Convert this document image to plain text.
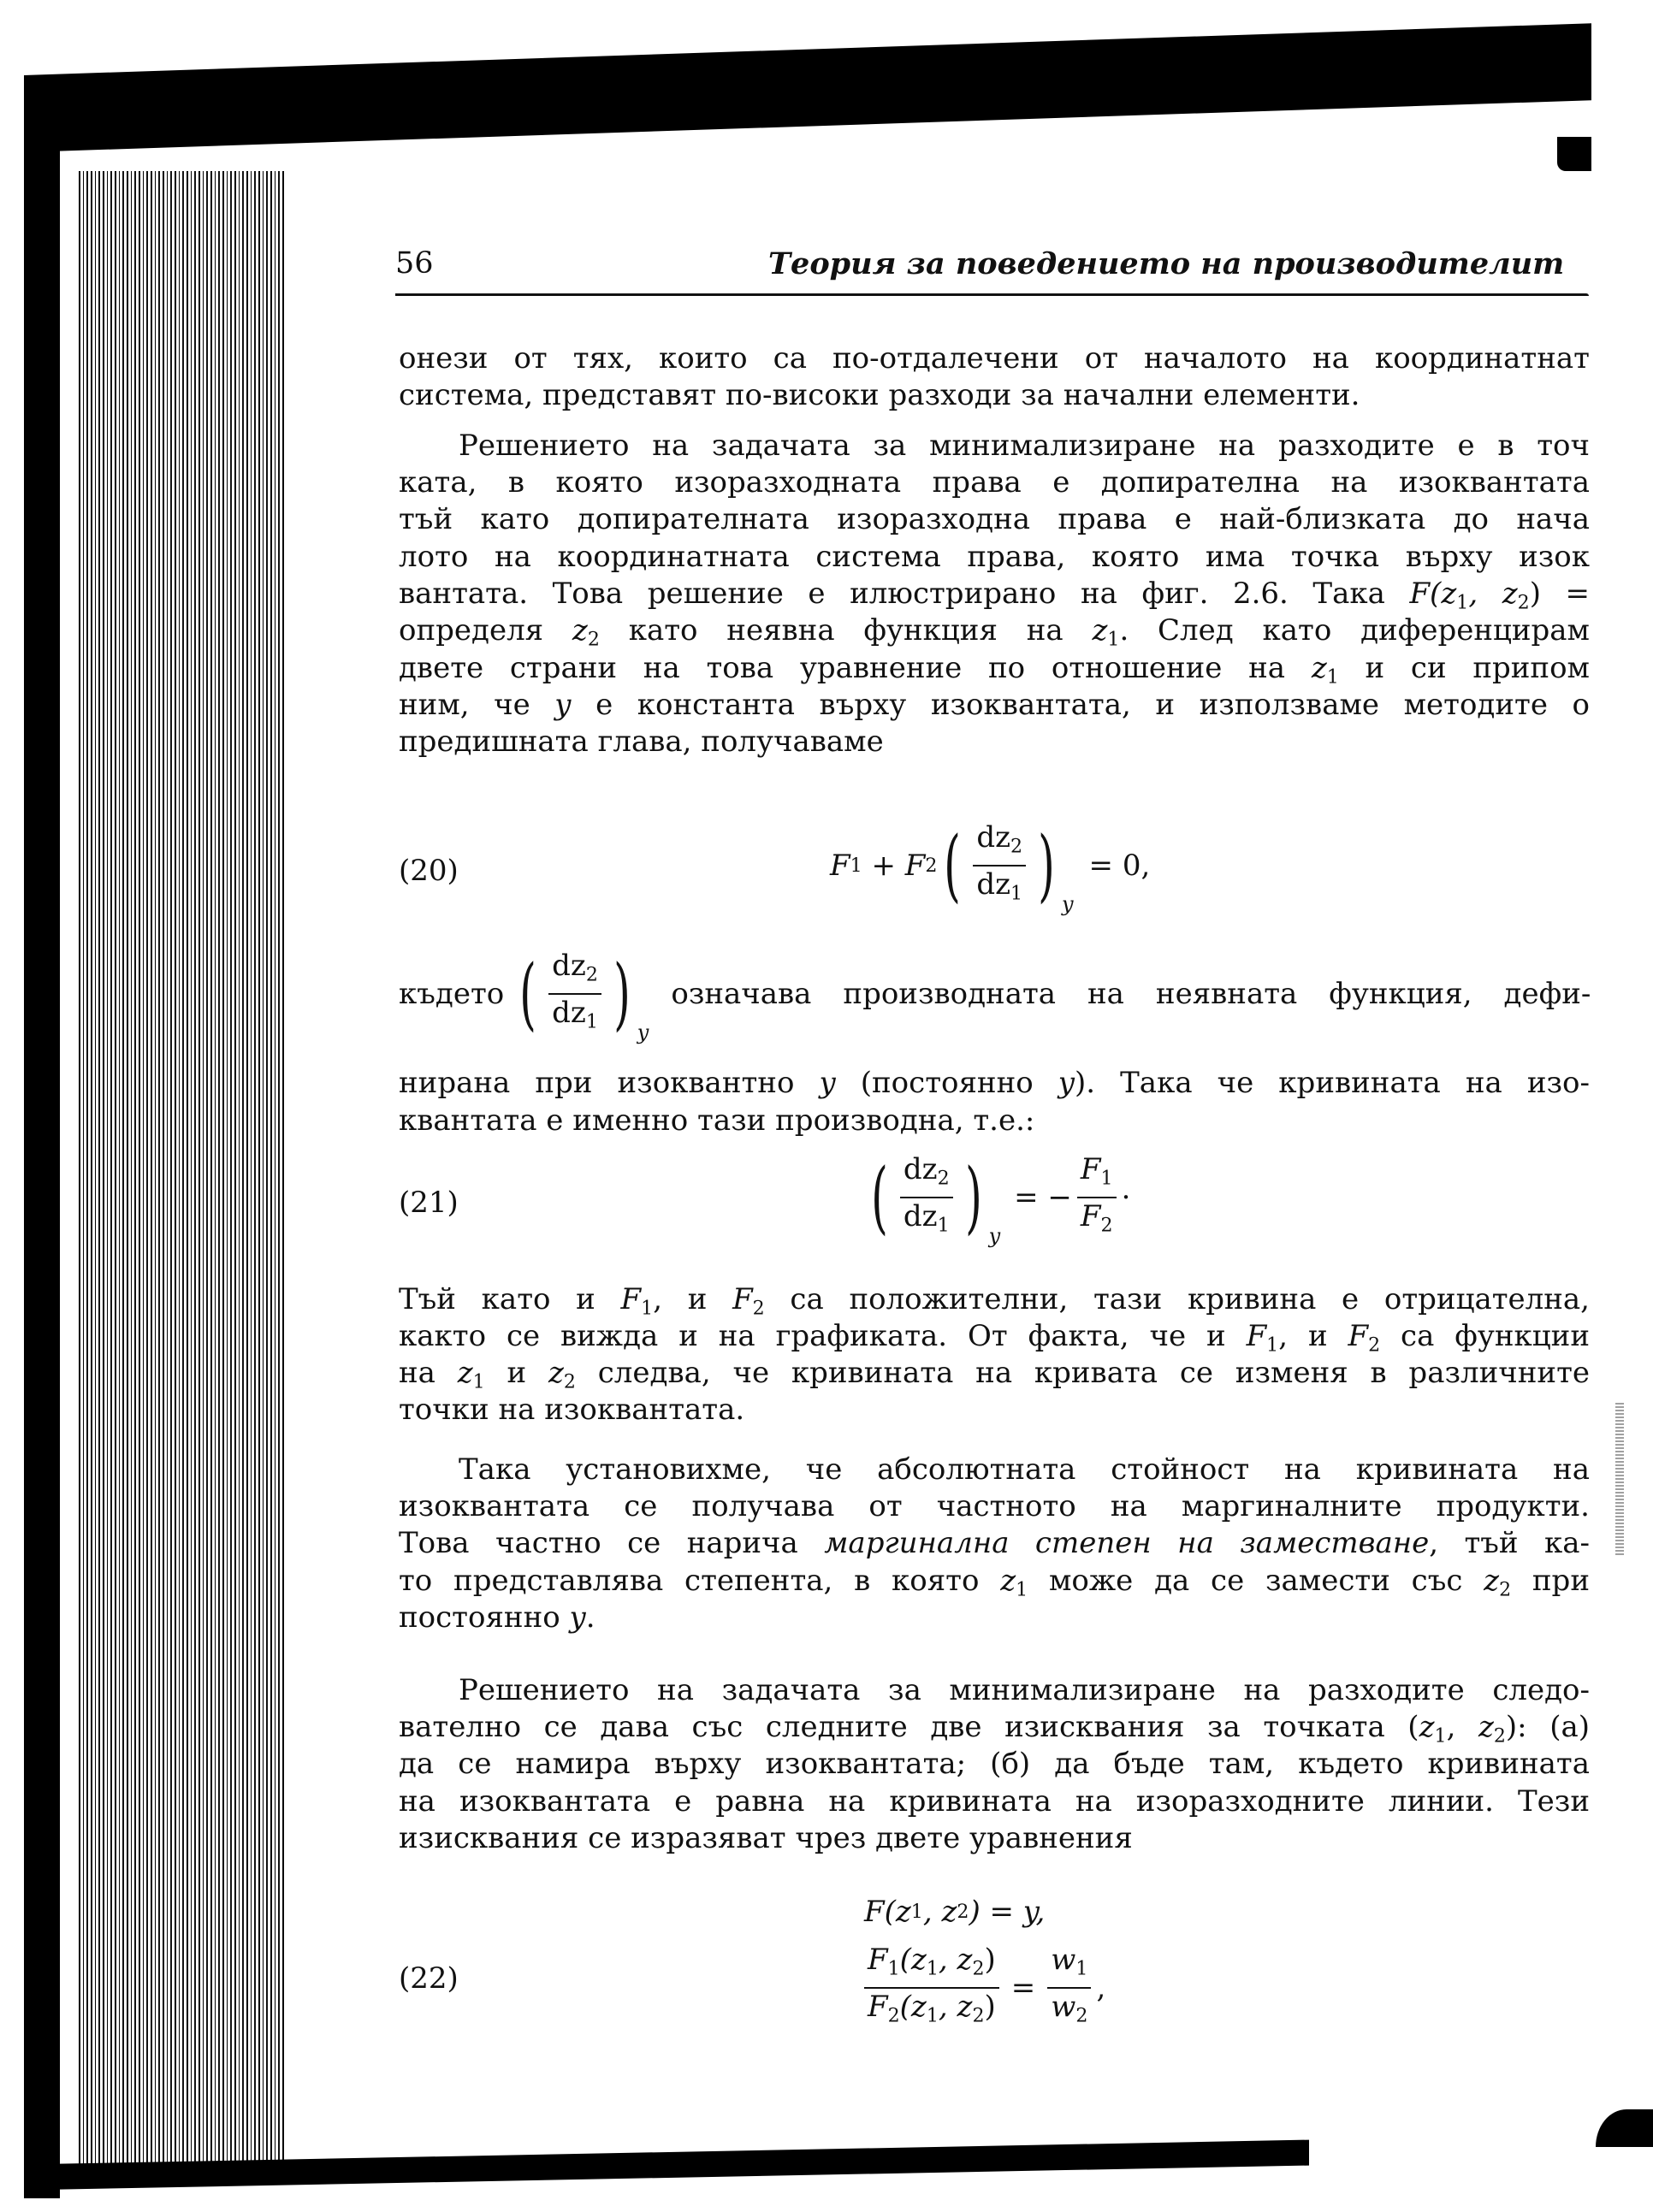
56	Теория за поведението на производителит
онези от тях, които са по-отдалечени от началото на координатнат
система, представят по-високи разходи за начални елементи.
Решението на задачата за минимализиране на разходите е в точ
ката, в която изоразходната права е допирателна на изоквантата
тъй като допирателната изоразходна права е най-близката до нача
лото на координатната система права, която има точка върху изок
вантата. Това решение е илюстрирано на фиг. 2.6. Така $F(z_1$, $z_2$) =
определя $z_2$ като неявна функция на $z_1$. След като диференцирам
двете страни на това уравнение по отношение на $z_1$ и си припом
ним, че y е константа върху изоквантата, и използваме методите о
предишната глава, получаваме
(20)	F 1 + F 2 ( $\frac{dz_2}{dz_1}$ ) y
= 0,
където ( $\frac{dz_2}{dz_1}$ ) y
означава производната на неявната функция, дефи-
нирана при изоквантно y (постоянно y). Така че кривината на изо-
квантата е именно тази производна, т.е.:
(21)	( $\frac{dz_2}{dz_1}$ ) y
= − $\frac{F_1}{F_2}$ ·
Тъй като и $F_1$, и $F_2$ са положителни, тази кривина е отрицателна,
както се вижда и на графиката. От факта, че и $F_1$, и $F_2$ са функции
на $z_1$ и $z_2$ следва, че кривината на кривата се изменя в различните
точки на изоквантата.
Така установихме, че абсолютната стойност на кривината на
изоквантата се получава от частното на маргиналните продукти.
Това частно се нарича маргинална степен на заместване, тъй ка-
то представлява степента, в която $z_1$ може да се замести със $z_2$ при
постоянно y.
Решението на задачата за минимализиране на разходите следо-
вателно се дава със следните две изисквания за точката ($z_1$, $z_2$): (а)
да се намира върху изоквантата; (б) да бъде там, където кривината
на изоквантата е равна на кривината на изоразходните линии. Тези
изисквания се изразяват чрез двете уравнения
F(z 1 , z 2 ) = y,
(22)	$\frac{F_1(z_1, z_2)}{F_2(z_1, z_2)} = \frac{w_1}{w_2}$ ,
